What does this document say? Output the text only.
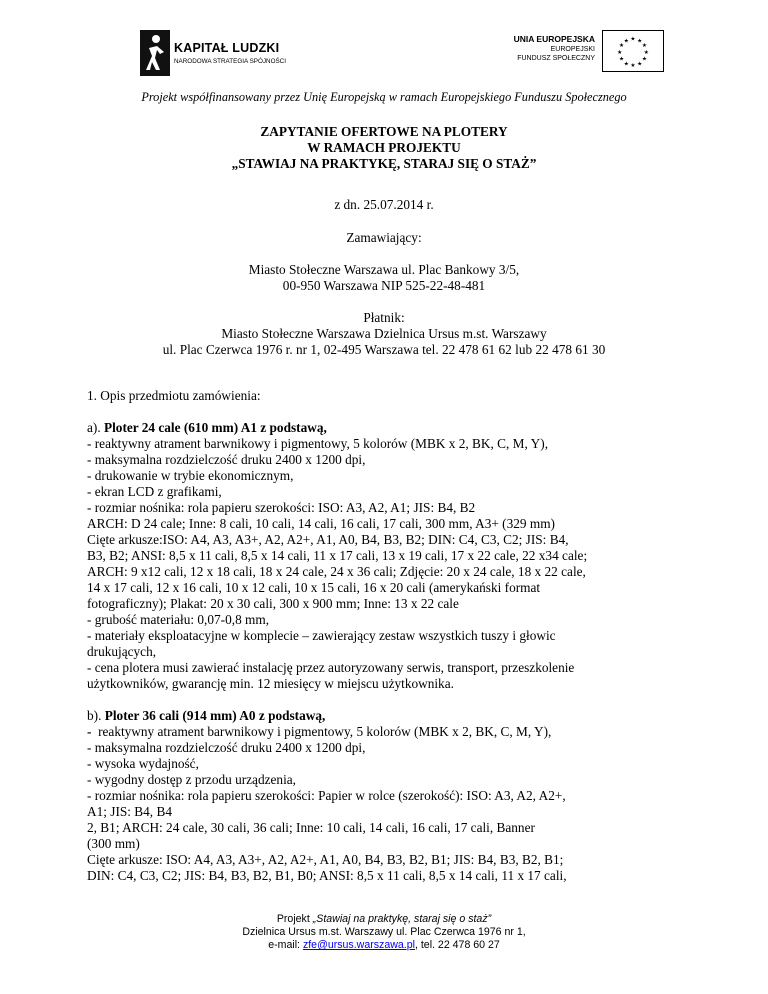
KAPITAŁ LUDZKI
NARODOWA STRATEGIA SPÓJNOŚCI
UNIA EUROPEJSKA
EUROPEJSKI
FUNDUSZ SPOŁECZNY
★ ★
★
★
★
★
★
★
★
★
★
★
Projekt współfinansowany przez Unię Europejską w ramach Europejskiego Funduszu Społecznego
ZAPYTANIE OFERTOWE NA PLOTERY
W RAMACH PROJEKTU
„STAWIAJ NA PRAKTYKĘ, STARAJ SIĘ O STAŻ”
z dn. 25.07.2014 r.
Zamawiający:
Miasto Stołeczne Warszawa ul. Plac Bankowy 3/5,
00-950 Warszawa NIP 525-22-48-481
Płatnik:
Miasto Stołeczne Warszawa Dzielnica Ursus m.st. Warszawy
ul. Plac Czerwca 1976 r. nr 1, 02-495 Warszawa tel. 22 478 61 62 lub 22 478 61 30
1. Opis przedmiotu zamówienia:
a). Ploter 24 cale (610 mm) A1 z podstawą,
- reaktywny atrament barwnikowy i pigmentowy, 5 kolorów (MBK x 2, BK, C, M, Y),
- maksymalna rozdzielczość druku 2400 x 1200 dpi,
- drukowanie w trybie ekonomicznym,
- ekran LCD z grafikami,
- rozmiar nośnika: rola papieru szerokości: ISO: A3, A2, A1; JIS: B4, B2
ARCH: D 24 cale; Inne: 8 cali, 10 cali, 14 cali, 16 cali, 17 cali, 300 mm, A3+ (329 mm)
Cięte arkusze:ISO: A4, A3, A3+, A2, A2+, A1, A0, B4, B3, B2; DIN: C4, C3, C2; JIS: B4,
B3, B2; ANSI: 8,5 x 11 cali, 8,5 x 14 cali, 11 x 17 cali, 13 x 19 cali, 17 x 22 cale, 22 x34 cale;
ARCH: 9 x12 cali, 12 x 18 cali, 18 x 24 cale, 24 x 36 cali; Zdjęcie: 20 x 24 cale, 18 x 22 cale,
14 x 17 cali, 12 x 16 cali, 10 x 12 cali, 10 x 15 cali, 16 x 20 cali (amerykański format
fotograficzny); Plakat: 20 x 30 cali, 300 x 900 mm; Inne: 13 x 22 cale
- grubość materiału: 0,07-0,8 mm,
- materiały eksploatacyjne w komplecie – zawierający zestaw wszystkich tuszy i głowic
drukujących,
- cena plotera musi zawierać instalację przez autoryzowany serwis, transport, przeszkolenie
użytkowników, gwarancję min. 12 miesięcy w miejscu użytkownika.
b). Ploter 36 cali (914 mm) A0 z podstawą,
-  reaktywny atrament barwnikowy i pigmentowy, 5 kolorów (MBK x 2, BK, C, M, Y),
- maksymalna rozdzielczość druku 2400 x 1200 dpi,
- wysoka wydajność,
- wygodny dostęp z przodu urządzenia,
- rozmiar nośnika: rola papieru szerokości: Papier w rolce (szerokość): ISO: A3, A2, A2+,
A1; JIS: B4, B4
2, B1; ARCH: 24 cale, 30 cali, 36 cali; Inne: 10 cali, 14 cali, 16 cali, 17 cali, Banner
(300 mm)
Cięte arkusze: ISO: A4, A3, A3+, A2, A2+, A1, A0, B4, B3, B2, B1; JIS: B4, B3, B2, B1;
DIN: C4, C3, C2; JIS: B4, B3, B2, B1, B0; ANSI: 8,5 x 11 cali, 8,5 x 14 cali, 11 x 17 cali,
Projekt „Stawiaj na praktykę, staraj się o staż”
Dzielnica Ursus m.st. Warszawy ul. Plac Czerwca 1976 nr 1,
e-mail: zfe@ursus.warszawa.pl, tel. 22 478 60 27
